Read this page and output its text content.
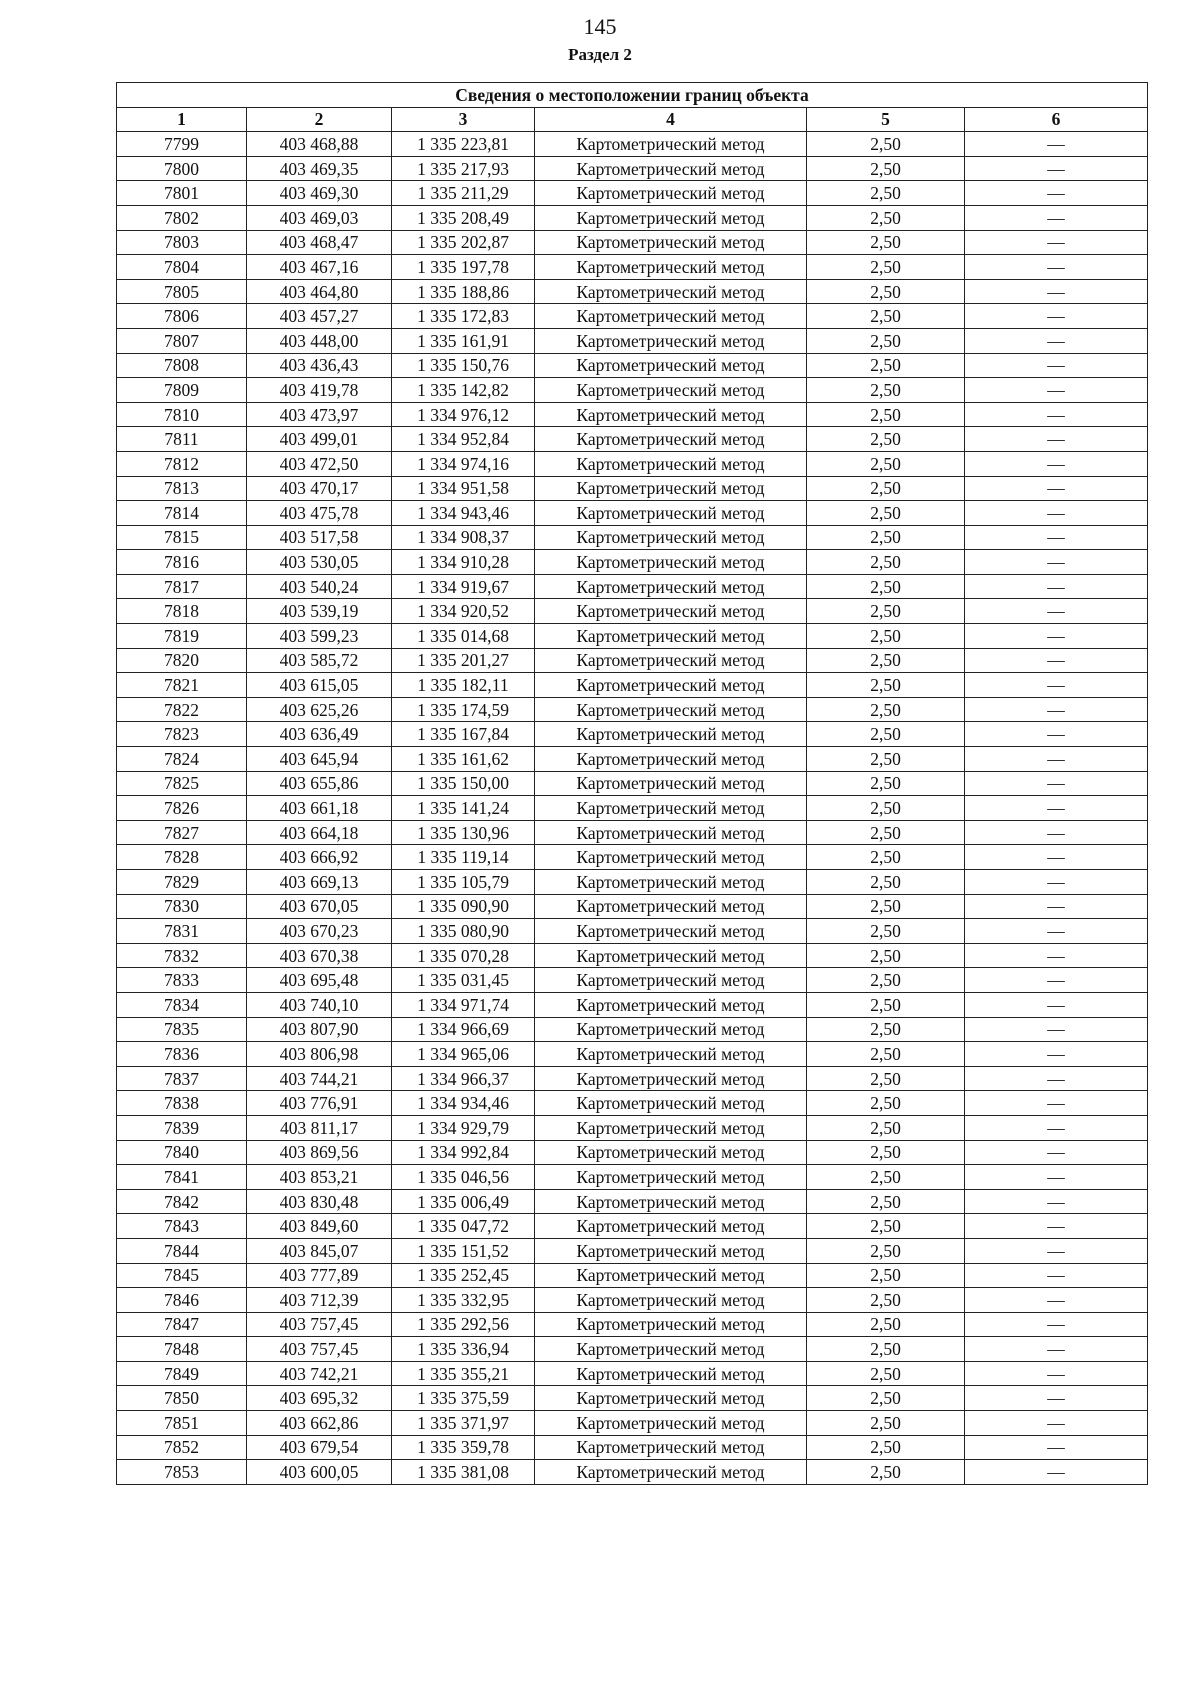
145
Раздел 2
Сведения о местоположении границ объекта					
1	2	3	4	5	6
7799	403 468,88	1 335 223,81	Картометрический метод	2,50	—
7800	403 469,35	1 335 217,93	Картометрический метод	2,50	—
7801	403 469,30	1 335 211,29	Картометрический метод	2,50	—
7802	403 469,03	1 335 208,49	Картометрический метод	2,50	—
7803	403 468,47	1 335 202,87	Картометрический метод	2,50	—
7804	403 467,16	1 335 197,78	Картометрический метод	2,50	—
7805	403 464,80	1 335 188,86	Картометрический метод	2,50	—
7806	403 457,27	1 335 172,83	Картометрический метод	2,50	—
7807	403 448,00	1 335 161,91	Картометрический метод	2,50	—
7808	403 436,43	1 335 150,76	Картометрический метод	2,50	—
7809	403 419,78	1 335 142,82	Картометрический метод	2,50	—
7810	403 473,97	1 334 976,12	Картометрический метод	2,50	—
7811	403 499,01	1 334 952,84	Картометрический метод	2,50	—
7812	403 472,50	1 334 974,16	Картометрический метод	2,50	—
7813	403 470,17	1 334 951,58	Картометрический метод	2,50	—
7814	403 475,78	1 334 943,46	Картометрический метод	2,50	—
7815	403 517,58	1 334 908,37	Картометрический метод	2,50	—
7816	403 530,05	1 334 910,28	Картометрический метод	2,50	—
7817	403 540,24	1 334 919,67	Картометрический метод	2,50	—
7818	403 539,19	1 334 920,52	Картометрический метод	2,50	—
7819	403 599,23	1 335 014,68	Картометрический метод	2,50	—
7820	403 585,72	1 335 201,27	Картометрический метод	2,50	—
7821	403 615,05	1 335 182,11	Картометрический метод	2,50	—
7822	403 625,26	1 335 174,59	Картометрический метод	2,50	—
7823	403 636,49	1 335 167,84	Картометрический метод	2,50	—
7824	403 645,94	1 335 161,62	Картометрический метод	2,50	—
7825	403 655,86	1 335 150,00	Картометрический метод	2,50	—
7826	403 661,18	1 335 141,24	Картометрический метод	2,50	—
7827	403 664,18	1 335 130,96	Картометрический метод	2,50	—
7828	403 666,92	1 335 119,14	Картометрический метод	2,50	—
7829	403 669,13	1 335 105,79	Картометрический метод	2,50	—
7830	403 670,05	1 335 090,90	Картометрический метод	2,50	—
7831	403 670,23	1 335 080,90	Картометрический метод	2,50	—
7832	403 670,38	1 335 070,28	Картометрический метод	2,50	—
7833	403 695,48	1 335 031,45	Картометрический метод	2,50	—
7834	403 740,10	1 334 971,74	Картометрический метод	2,50	—
7835	403 807,90	1 334 966,69	Картометрический метод	2,50	—
7836	403 806,98	1 334 965,06	Картометрический метод	2,50	—
7837	403 744,21	1 334 966,37	Картометрический метод	2,50	—
7838	403 776,91	1 334 934,46	Картометрический метод	2,50	—
7839	403 811,17	1 334 929,79	Картометрический метод	2,50	—
7840	403 869,56	1 334 992,84	Картометрический метод	2,50	—
7841	403 853,21	1 335 046,56	Картометрический метод	2,50	—
7842	403 830,48	1 335 006,49	Картометрический метод	2,50	—
7843	403 849,60	1 335 047,72	Картометрический метод	2,50	—
7844	403 845,07	1 335 151,52	Картометрический метод	2,50	—
7845	403 777,89	1 335 252,45	Картометрический метод	2,50	—
7846	403 712,39	1 335 332,95	Картометрический метод	2,50	—
7847	403 757,45	1 335 292,56	Картометрический метод	2,50	—
7848	403 757,45	1 335 336,94	Картометрический метод	2,50	—
7849	403 742,21	1 335 355,21	Картометрический метод	2,50	—
7850	403 695,32	1 335 375,59	Картометрический метод	2,50	—
7851	403 662,86	1 335 371,97	Картометрический метод	2,50	—
7852	403 679,54	1 335 359,78	Картометрический метод	2,50	—
7853	403 600,05	1 335 381,08	Картометрический метод	2,50	—
